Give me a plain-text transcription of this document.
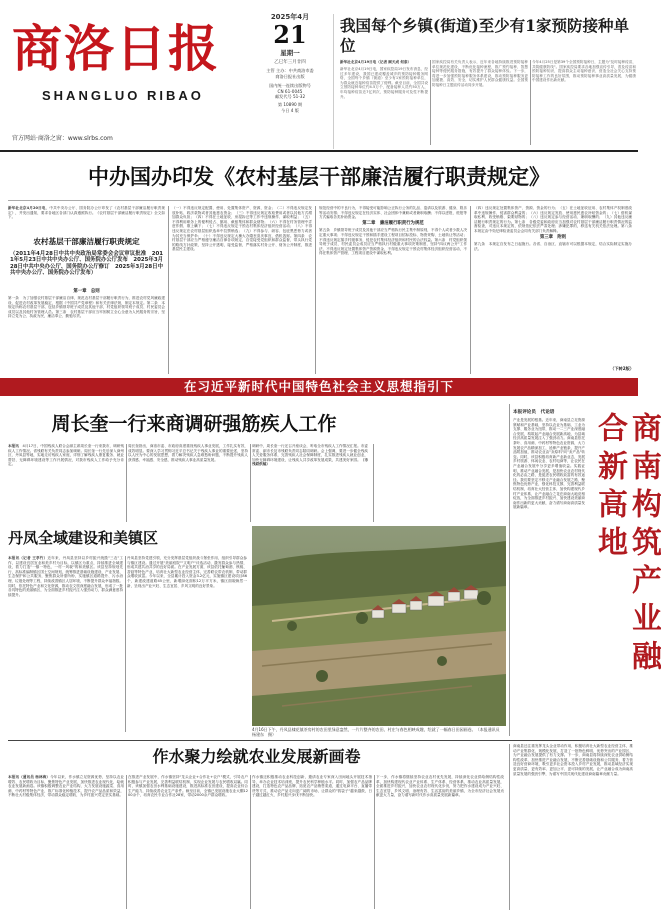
商洛日报
SHANGLUO RIBAO
官方网站·商洛之窗：www.slrbs.com
2025年4月
21
星期一
乙巳年三月廿四
主管 主办：中共商洛市委
商洛日报社出版
国内统一连续出版物号
CN 61-0045
邮发代号 51-32
第 10890 期
今日 4 版
我国每个乡镇(街道)至少有1家预防接种单位
新华社北京4月19日电（记者 顾天成 何泰）
新华社北京4月19日电，国家疾控局19日发布消息，经过多年建设，我国已建成覆盖城乡的预防接种服务网络，全国每个乡镇（街道）至少有1家预防接种单位，为群众就近接种疫苗提供了便利。截至目前，全国共设立预防接种单位约4.5万个，配备接种人员约50万人，年均接种疫苗近7亿剂次，预防接种服务可及性不断提升。
国家疾控局有关负责人表示，近年来各地持续推进预防接种单位规范化建设，不断优化接种流程，推广预约接种、智慧接种等便民服务措施，有效提升了群众接种体验。下一步，将进一步加强预防接种服务体系建设，推动预防接种服务更加便捷、高效、安全，切实维护人民群众健康权益。全国预防接种日主题宣传活动同步开展。
今年4月25日是第39个全国预防接种日，主题为"及时接种疫苗，共筑健康防线"。国家疾控局要求各地加强宣传引导，普及疫苗和预防接种知识，提高群众主动接种意识，营造全社会关心支持预防接种工作的良好氛围，推动预防接种事业高质量发展，为健康中国建设作出新贡献。
中办国办印发《农村基层干部廉洁履行职责规定》
新华社北京4月20日电，中共中央办公厅、国务院办公厅印发了《农村基层干部廉洁履行职责规定》，并发出通知，要求各地区各部门认真遵照执行。《农村基层干部廉洁履行职责规定》全文如下。
农村基层干部廉洁履行职责规定
（2011年4月28日中共中央政治局常委会会议审议批准　2011年5月23日中共中央办公厅、国务院办公厅发布　2025年3月28日中共中央办公厅、国务院办公厅修订　2025年3月28日中共中央办公厅、国务院办公厅发布）
第一章　总则
第一条　为了加强农村基层干部廉洁自律，规范农村基层干部履行职责行为，推进农村党风廉政建设，促进农村改革发展稳定，根据《中国共产党章程》和有关法律法规，制定本规定。第二条　本规定所称农村基层干部，包括乡镇领导班子成员及其他干部，村党组织领导班子成员、村民委员会成员以及其他村务管理人员。第三条　农村基层干部应当牢固树立全心全意为人民服务的宗旨，坚持立党为公、执政为民，廉洁奉公、勤勉尽责。
（一）不得违反规定配置、使用、处置集体资产、资源、资金；（二）不得违反规定发放补贴、救济款物或者其他惠农资金；（三）不得违反规定收取费用或者以其他方式增加群众负担；（四）不得在土地征收、房屋拆迁等工作中违规操作、谋取利益；（五）不得利用职务上的便利侵占、挪用、截留集体和群众财物；（六）不得在村务管理中弄虚作假、欺上瞒下；（七）不得违反规定干预农村集体经济组织经营活动；（八）不得违反规定在农村基层组织选举中拉票贿选；（九）不得参与、纵容、包庇黑恶势力或者为其充当保护伞；（十）不得违反规定大操大办婚丧喜庆事宜，借机敛财。第四条　农村基层干部应当严格遵守廉洁自律各项规定，自觉接受党组织和群众监督，带头执行党的路线方针政策，坚持公开透明，接受监督，严格落实村务公开、财务公开制度，推进基层民主建设。
规范经营中的不良行为，不得接受可能影响公正执行公务的礼品、宴请以及旅游、健身、娱乐等活动安排；不得违反规定在经济实体、社会团体中兼职或者兼职取酬；不得以虚报、谎报等方式骗取各类补助资金。

第二章　廉洁履行职责行为规范
第五条　乡镇领导班子成员及其他干部应当严格执行民主集中制原则，不得个人或者少数人决定重大事项；不得违反规定干预和插手建设工程项目招标投标、物资采购、土地转让等活动；不得违反规定插手村级事务，侵犯农村集体经济组织和村民的合法权益。第六条　村党组织领导班子成员、村民委员会成员应当严格执行村级重大事项决策制度，坚持"四议两公开"工作法，不得违反规定处置集体资产资源资金，不得违反规定干预农村集体经济组织经营活动，不得在集体资产管理、工程项目建设中谋取私利。
（四）违反规定处置集体资产、资源、资金的行为；（五）在土地征收征用、农村集体产权制度改革中违规操作、侵害群众利益的；（六）违反规定发放、使用惠民惠农补贴资金的；（七）借机谋取私利、收受贿赂、索要财物的；（八）违反规定参与经营活动、兼职取酬的；（九）其他违反廉洁履行职责规定的行为。第七条　各级党委和政府应当加强对农村基层干部廉洁履行职责情况的监督检查，对违反本规定的，依规依纪依法严肃处理；涉嫌犯罪的，移送有关机关依法处理。第八条　本规定由中央纪律检查委员会会同有关部门负责解释。
第三章　附则
第九条　本规定自发布之日起施行。各省、自治区、直辖市可以根据本规定，结合实际制定实施办法。
（下转2版）
在习近平新时代中国特色社会主义思想指引下
周长奎一行来商调研强筋疾人工作
本报讯　4月17日，中国残疾人联合会副主席周长奎一行来我市，调研残疾人工作情况。省残联有关负责同志参加调研。周长奎一行先后深入商州区、丹凤县等地，实地走访残疾人家庭，详细了解残疾人康复服务、就业帮扶、无障碍环境建设等工作开展情况，对我市残疾人工作给予充分肯定。
周长奎指出，商洛市委、市政府高度重视残疾人事业发展，工作扎实有效，成效明显。要深入学习贯彻习近平总书记关于残疾人事业的重要论述，坚持以人民为中心的发展思想，着力解决残疾人急难愁盼问题，不断提升残疾人获得感、幸福感、安全感，推动残疾人事业高质量发展。
调研中，周长奎一行还召开座谈会，听取全市残疾人工作情况汇报。市委常委、副市长及市残联负责同志陪同调研。会上强调，要进一步健全残疾人关爱服务体系，完善残疾人社会保障制度，扎实推进残疾人就业创业，加快无障碍环境建设，让残疾人共享改革发展成果，共建美好家园。（市残联供稿）
丹凤全域建设和美镇区
本报讯（记者 王孝竹）近年来，丹凤县坚持以乡村振兴统揽"三农"工作，以建设宜居宜业和美乡村为目标，以镇区为重点，持续推进全域建设，着力打造"一镇一特色、一村一风貌"的和美镇区。该县坚持规划先行，高标准编制镇区国土空间规划，统筹推进基础设施建设、产业发展、生态保护和公共服务，聚焦群众所需所盼，实施镇区道路提升、污水治理、垃圾处理等工程，持续改善镇区人居环境，不断提升群众幸福指数。同时，依托特色产业和文化资源，推动农文旅深度融合发展，形成了一批各具特色的美丽镇区，为全面推进乡村振兴注入强劲动力，群众满意度持续提升。
丹凤县坚持党建引领，充分发挥基层党组织战斗堡垒作用，组织引导群众参与镇区建设。通过开展"美丽庭院""文明户"评选活动，激发群众参与热情，形成共建共治共享的良好局面。在产业发展方面，该县依托葡萄酒、核桃、香菇等特色产业，培育壮大新型农业经营主体，完善联农带农机制，带动群众增收致富。今年以来，全县累计投入资金3.2亿元，实施镇区建设项目86个，新建改建道路45公里，新增绿化面积12万平方米，镇区面貌焕然一新，呈现出产业兴旺、生态宜居、乡风文明的良好景象。
4月16日下午，丹凤县棣花镇茶房村的农田里绿意盎然，一片片整齐的农田、村庄与春色相映成趣，绘就了一幅春日田园画卷。（本报通讯员　杨建东　摄）
本报评论员　 代论语
产业是发展的根基。近年来，商南县立足资源禀赋和产业基础，坚持以农业为基础、工业为支撑、服务业为纽带，推动一二三产业深度融合发展，构筑起产业融合发展新高地，为县域经济高质量发展注入了强劲动力。商南县依托茶叶、食用菌、中药材等特色农业资源，大力发展农产品精深加工，延伸产业链条，提升产品附加值，推动农业由"卖原料"向"卖产品"转变。同时，该县积极培育新产业新业态，发展乡村旅游、休闲农业、农村电商等，让农民在产业融合发展中分享更多增值收益。实践证明，推动产业融合发展，是加快农业农村现代化的必由之路，是促进农民增收致富的有效途径。我们要坚定不移走产业融合发展之路，聚焦特色优势产业，强化科技支撑，完善利益联结机制，培育壮大经营主体，加快构建现代乡村产业体系，让产业融合之花在商南大地竞相绽放，为全面推进乡村振兴、加快建设美丽商南作出新的更大贡献，奋力谱写商南高质量发展新篇章。	商南构筑产业融合新高地
作水聚力绘就农业发展新画卷
本报讯（通讯员 杨林海）今年以来，作水镇立足资源优势，坚持以农业增效、农民增收为目标，聚焦特色产业发展，加快推进农业现代化，绘就农业发展新画卷。该镇积极调整农业产业结构，大力发展设施蔬菜、食用菌、中药材等特色产业，推广标准化种植技术，提升农产品品质和效益，不断壮大村级集体经济，带动群众稳定增收，为乡村振兴奠定坚实基础。
在推进产业发展中，作水镇坚持"龙头企业+合作社+农户"模式，引导农户积极参与产业发展，完善利益联结机制，实现企业发展与农民增收双赢。同时，该镇加强农田水利基础设施建设，推进高标准农田建设，提高农业综合生产能力，持续改善农业生产条件。截至目前，全镇已发展设施农业大棚1200余个，培育农民专业合作社28家，带动2000余户群众增收。
作水镇还积极推动农业科技创新，邀请农业专家深入田间地头开展技术指导，举办农业技术培训班，提升农民科学种植水平。同时，加强农产品品牌建设，打造特色农产品品牌，拓宽农产品销售渠道，通过电商平台、直播带货等方式，推动农产品走向更广阔的市场，让群众的"钱袋子"越来越鼓，日子越过越红火，乡村振兴步伐不断加快。
下一步，作水镇将继续坚持农业农村优先发展，持续深化农业供给侧结构性改革，加快构建现代农业产业体系、生产体系、经营体系，推动农业高质量发展，全面推进乡村振兴，加快农业农村现代化步伐，努力把作水建设成为产业兴旺、生态宜居、乡风文明、治理有效、生活富裕的美丽乡镇，为全市经济社会发展贡献更大力量，奋力谱写新时代作水高质量发展新篇章。
商南县还注重发挥龙头企业带动作用，积极培育壮大新型农业经营主体，推动产业集群化、规模化发展，打造了一批特色鲜明、优势突出的产业园区，为产业融合发展提供了有力支撑。下一步，商南县将持续深化农业供给侧结构性改革，加快推进产业融合发展，不断完善基础设施和公共服务，着力营造良好营商环境，吸引更多社会资本投入乡村产业发展，推动县域经济实现更高质量、更有效率、更加公平、更可持续的发展，让产业融合成为商南高质量发展的强劲引擎，为谱写中国式现代化建设商南篇章贡献力量。
